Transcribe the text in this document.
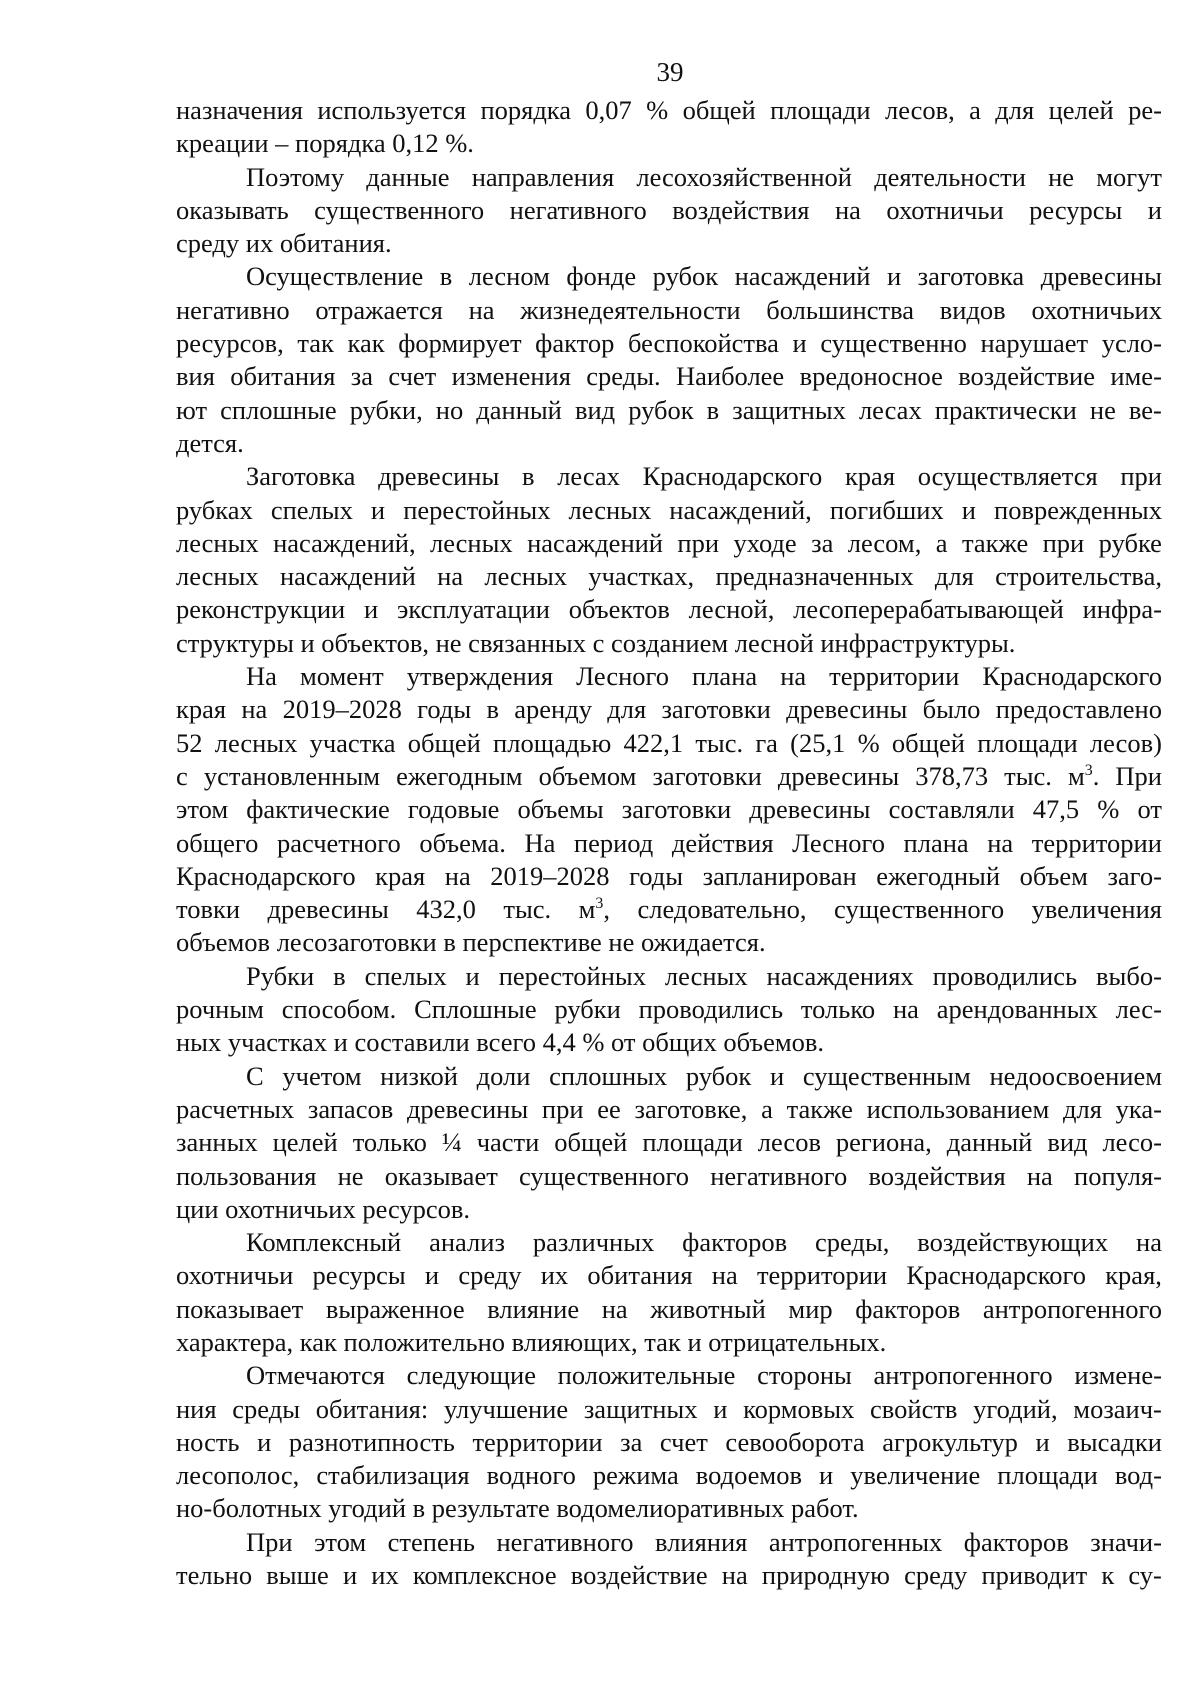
39
назначения используется порядка 0,07 % общей площади лесов, а для целей ре-
креации – порядка 0,12 %.
Поэтому данные направления лесохозяйственной деятельности не могут
оказывать существенного негативного воздействия на охотничьи ресурсы и
среду их обитания.
Осуществление в лесном фонде рубок насаждений и заготовка древесины
негативно отражается на жизнедеятельности большинства видов охотничьих
ресурсов, так как формирует фактор беспокойства и существенно нарушает усло-
вия обитания за счет изменения среды. Наиболее вредоносное воздействие име-
ют сплошные рубки, но данный вид рубок в защитных лесах практически не ве-
дется.
Заготовка древесины в лесах Краснодарского края осуществляется при
рубках спелых и перестойных лесных насаждений, погибших и поврежденных
лесных насаждений, лесных насаждений при уходе за лесом, а также при рубке
лесных насаждений на лесных участках, предназначенных для строительства,
реконструкции и эксплуатации объектов лесной, лесоперерабатывающей инфра-
структуры и объектов, не связанных с созданием лесной инфраструктуры.
На момент утверждения Лесного плана на территории Краснодарского
края на 2019–2028 годы в аренду для заготовки древесины было предоставлено
52 лесных участка общей площадью 422,1 тыс. га (25,1 % общей площади лесов)
с установленным ежегодным объемом заготовки древесины 378,73 тыс. $м^3$. При
этом фактические годовые объемы заготовки древесины составляли 47,5 % от
общего расчетного объема. На период действия Лесного плана на территории
Краснодарского края на 2019–2028 годы запланирован ежегодный объем заго-
товки древесины 432,0 тыс. $м^3$, следовательно, существенного увеличения
объемов лесозаготовки в перспективе не ожидается.
Рубки в спелых и перестойных лесных насаждениях проводились выбо-
рочным способом. Сплошные рубки проводились только на арендованных лес-
ных участках и составили всего 4,4 % от общих объемов.
С учетом низкой доли сплошных рубок и существенным недоосвоением
расчетных запасов древесины при ее заготовке, а также использованием для ука-
занных целей только ¼ части общей площади лесов региона, данный вид лесо-
пользования не оказывает существенного негативного воздействия на популя-
ции охотничьих ресурсов.
Комплексный анализ различных факторов среды, воздействующих на
охотничьи ресурсы и среду их обитания на территории Краснодарского края,
показывает выраженное влияние на животный мир факторов антропогенного
характера, как положительно влияющих, так и отрицательных.
Отмечаются следующие положительные стороны антропогенного измене-
ния среды обитания: улучшение защитных и кормовых свойств угодий, мозаич-
ность и разнотипность территории за счет севооборота агрокультур и высадки
лесополос, стабилизация водного режима водоемов и увеличение площади вод-
но-болотных угодий в результате водомелиоративных работ.
При этом степень негативного влияния антропогенных факторов значи-
тельно выше и их комплексное воздействие на природную среду приводит к су-
